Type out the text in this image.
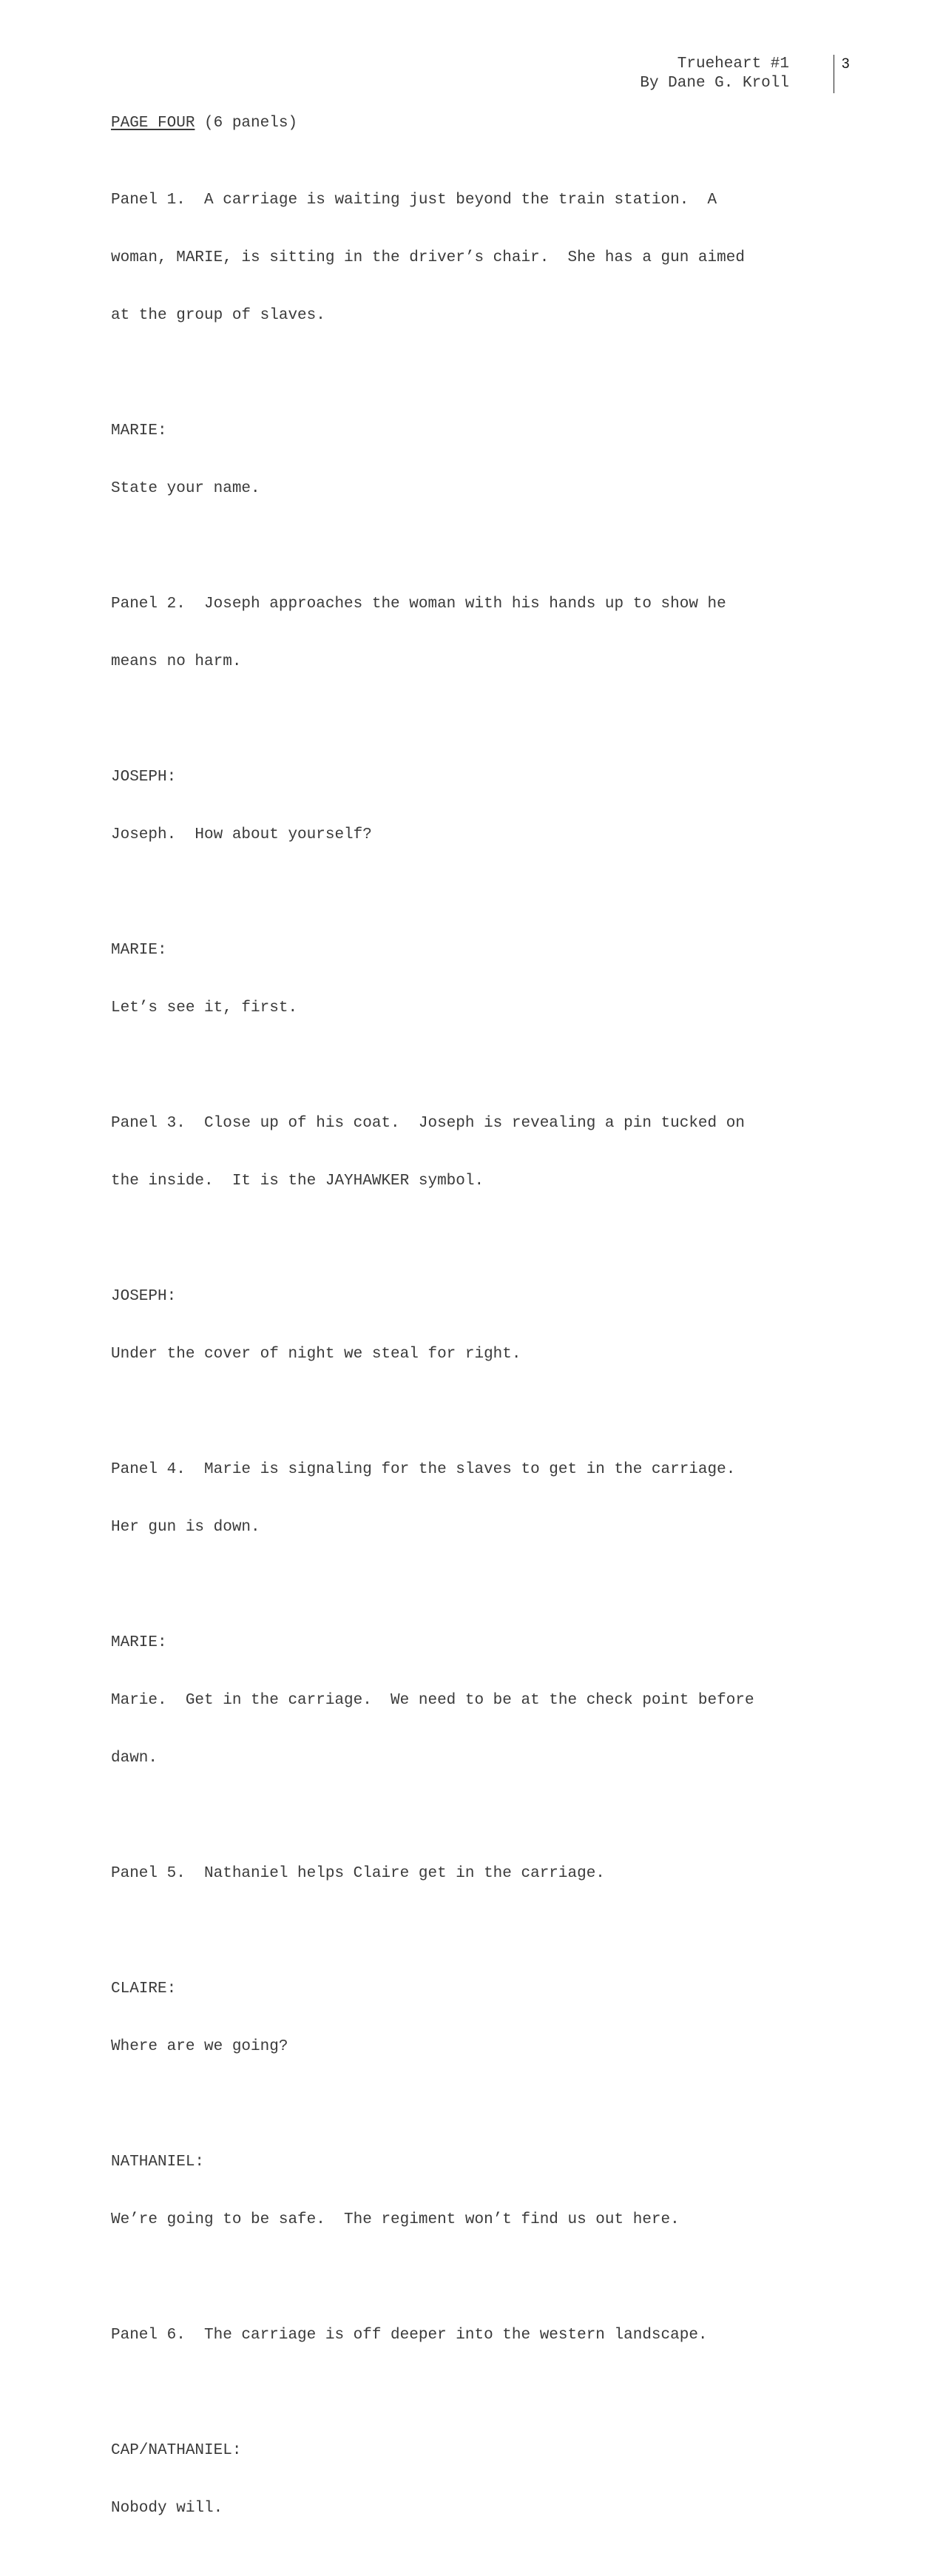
Trueheart #1
By Dane G. Kroll
3
PAGE FOUR (6 panels)

Panel 1.  A carriage is waiting just beyond the train station.  A

woman, MARIE, is sitting in the driver’s chair.  She has a gun aimed

at the group of slaves.

MARIE:

State your name.

Panel 2.  Joseph approaches the woman with his hands up to show he

means no harm.

JOSEPH:

Joseph.  How about yourself?

MARIE:

Let’s see it, first.

Panel 3.  Close up of his coat.  Joseph is revealing a pin tucked on

the inside.  It is the JAYHAWKER symbol.

JOSEPH:

Under the cover of night we steal for right.

Panel 4.  Marie is signaling for the slaves to get in the carriage.

Her gun is down.

MARIE:

Marie.  Get in the carriage.  We need to be at the check point before

dawn.

Panel 5.  Nathaniel helps Claire get in the carriage.

CLAIRE:

Where are we going?

NATHANIEL:

We’re going to be safe.  The regiment won’t find us out here.

Panel 6.  The carriage is off deeper into the western landscape.

CAP/NATHANIEL:

Nobody will.
